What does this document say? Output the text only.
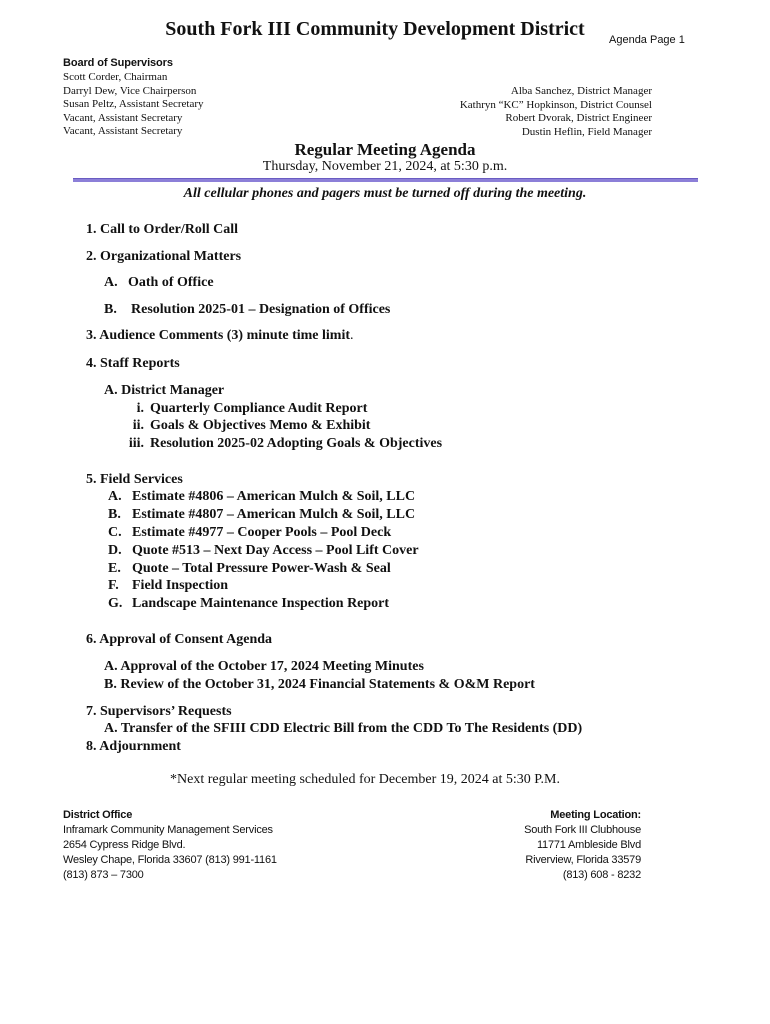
South Fork III Community Development District	Agenda Page 1
Board of Supervisors
Scott Corder, Chairman
Darryl Dew, Vice Chairperson
Susan Peltz, Assistant Secretary
Vacant, Assistant Secretary
Vacant, Assistant Secretary
Alba Sanchez, District Manager
Kathryn “KC” Hopkinson, District Counsel
Robert Dvorak, District Engineer
Dustin Heflin, Field Manager
Regular Meeting Agenda
Thursday, November 21, 2024, at 5:30 p.m.
All cellular phones and pagers must be turned off during the meeting.
1. Call to Order/Roll Call
2. Organizational Matters
A. Oath of Office
B. Resolution 2025-01 – Designation of Offices
3. Audience Comments (3) minute time limit.
4. Staff Reports
A. District Manager
i. Quarterly Compliance Audit Report
ii. Goals & Objectives Memo & Exhibit
iii. Resolution 2025-02 Adopting Goals & Objectives
5. Field Services
A. Estimate #4806 – American Mulch & Soil, LLC
B. Estimate #4807 – American Mulch & Soil, LLC
C. Estimate #4977 – Cooper Pools – Pool Deck
D. Quote #513 – Next Day Access – Pool Lift Cover
E. Quote – Total Pressure Power-Wash & Seal
F. Field Inspection
G. Landscape Maintenance Inspection Report
6. Approval of Consent Agenda
A. Approval of the October 17, 2024 Meeting Minutes
B. Review of the October 31, 2024 Financial Statements & O&M Report
7. Supervisors’ Requests
A. Transfer of the SFIII CDD Electric Bill from the CDD To The Residents (DD)
8. Adjournment
*Next regular meeting scheduled for December 19, 2024 at 5:30 P.M.
District Office
Inframark Community Management Services
2654 Cypress Ridge Blvd.
Wesley Chape, Florida 33607 (813) 991-1161
(813) 873 – 7300
Meeting Location:
South Fork III Clubhouse
11771 Ambleside Blvd
Riverview, Florida 33579
(813) 608 - 8232
